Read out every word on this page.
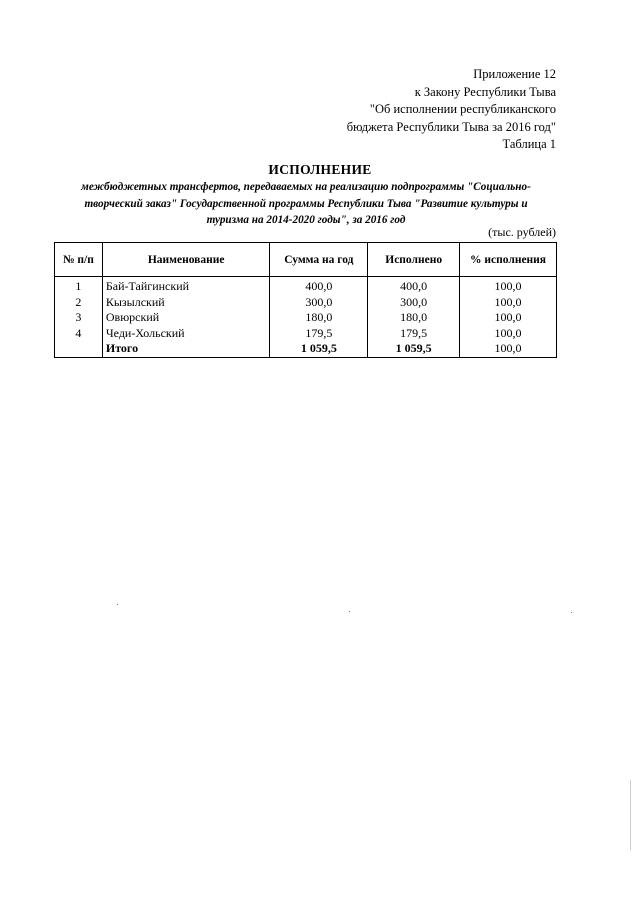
Приложение 12
к Закону Республики Тыва
"Об исполнении республиканского
бюджета Республики Тыва за 2016 год"
Таблица 1
ИСПОЛНЕНИЕ
межбюджетных трансфертов, передаваемых на реализацию подпрограммы "Социально-
творческий заказ" Государственной программы Республики Тыва "Развитие культуры и
туризма на 2014-2020 годы", за 2016 год
(тыс. рублей)
№ п/п	Наименование	Сумма на год	Исполнено	% исполнения
1	Бай-Тайгинский	400,0	400,0	100,0
2	Кызылский	300,0	300,0	100,0
3	Овюрский	180,0	180,0	100,0
4	Чеди-Хольский	179,5	179,5	100,0
	Итого	1 059,5	1 059,5	100,0
